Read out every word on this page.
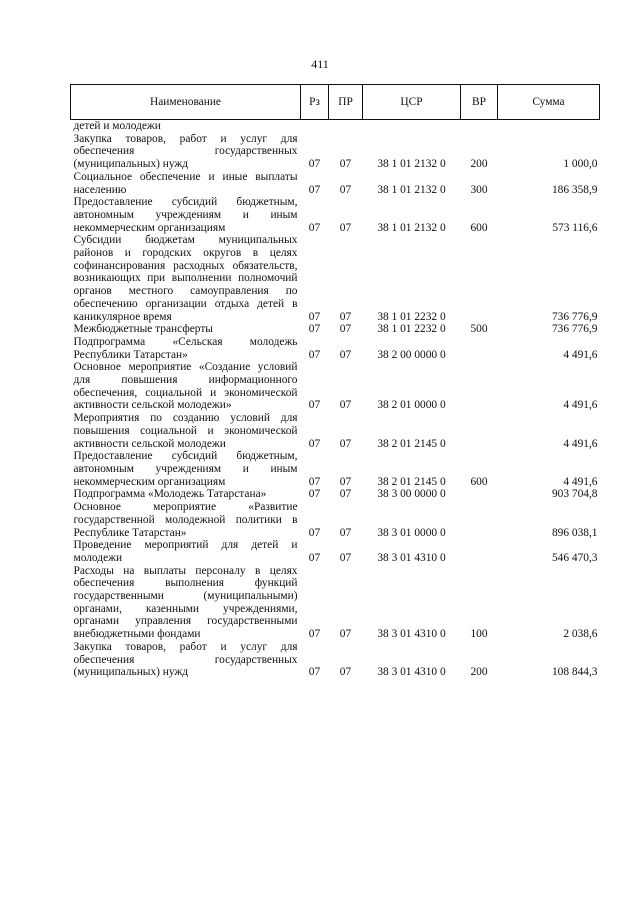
411
Наименование	Рз	ПР	ЦСР	ВР	Сумма
детей и молодежи					
Закупка товаров, работ и услуг для обеспечения государственных (муниципальных) нужд	07	07	38 1 01 2132 0	200	1 000,0
Социальное обеспечение и иные выплаты населению	07	07	38 1 01 2132 0	300	186 358,9
Предоставление субсидий бюджетным, автономным учреждениям и иным некоммерческим организациям	07	07	38 1 01 2132 0	600	573 116,6
Субсидии бюджетам муниципальных районов и городских округов в целях софинансирования расходных обязательств, возникающих при выполнении полномочий органов местного самоуправления по обеспечению организации отдыха детей в каникулярное время	07	07	38 1 01 2232 0		736 776,9
Межбюджетные трансферты	07	07	38 1 01 2232 0	500	736 776,9
Подпрограмма «Сельская молодежь Республики Татарстан»	07	07	38 2 00 0000 0		4 491,6
Основное мероприятие «Создание условий для повышения информационного обеспечения, социальной и экономической активности сельской молодежи»	07	07	38 2 01 0000 0		4 491,6
Мероприятия по созданию условий для повышения социальной и экономической активности сельской молодежи	07	07	38 2 01 2145 0		4 491,6
Предоставление субсидий бюджетным, автономным учреждениям и иным некоммерческим организациям	07	07	38 2 01 2145 0	600	4 491,6
Подпрограмма «Молодежь Татарстана»	07	07	38 3 00 0000 0		903 704,8
Основное мероприятие «Развитие государственной молодежной политики в Республике Татарстан»	07	07	38 3 01 0000 0		896 038,1
Проведение мероприятий для детей и молодежи	07	07	38 3 01 4310 0		546 470,3
Расходы на выплаты персоналу в целях обеспечения выполнения функций государственными (муниципальными) органами, казенными учреждениями, органами управления государственными внебюджетными фондами	07	07	38 3 01 4310 0	100	2 038,6
Закупка товаров, работ и услуг для обеспечения государственных (муниципальных) нужд	07	07	38 3 01 4310 0	200	108 844,3
